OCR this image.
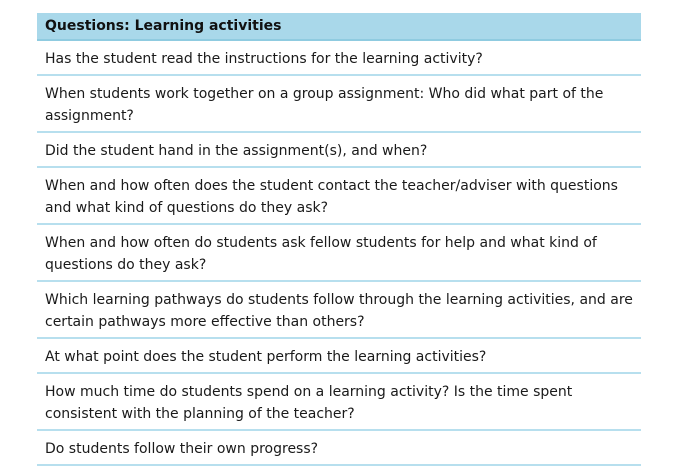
Questions: Learning activities
Has the student read the instructions for the learning activity?
When students work together on a group assignment: Who did what part of the assignment?
Did the student hand in the assignment(s), and when?
When and how often does the student contact the teacher/adviser with questions and what kind of questions do they ask?
When and how often do students ask fellow students for help and what kind of questions do they ask?
Which learning pathways do students follow through the learning activities, and are certain pathways more effective than others?
At what point does the student perform the learning activities?
How much time do students spend on a learning activity? Is the time spent consistent with the planning of the teacher?
Do students follow their own progress?
